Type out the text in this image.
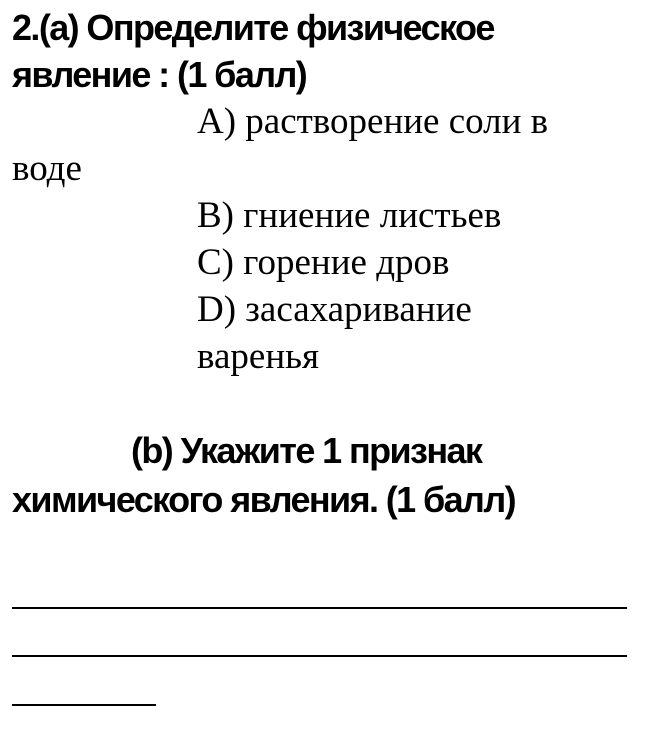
2.(a) Определите физическое
явление : (1 балл)
A) растворение соли в
воде
B) гниение листьев
C) горение дров
D) засахаривание
варенья
(b) Укажите 1 признак
химического явления. (1 балл)
